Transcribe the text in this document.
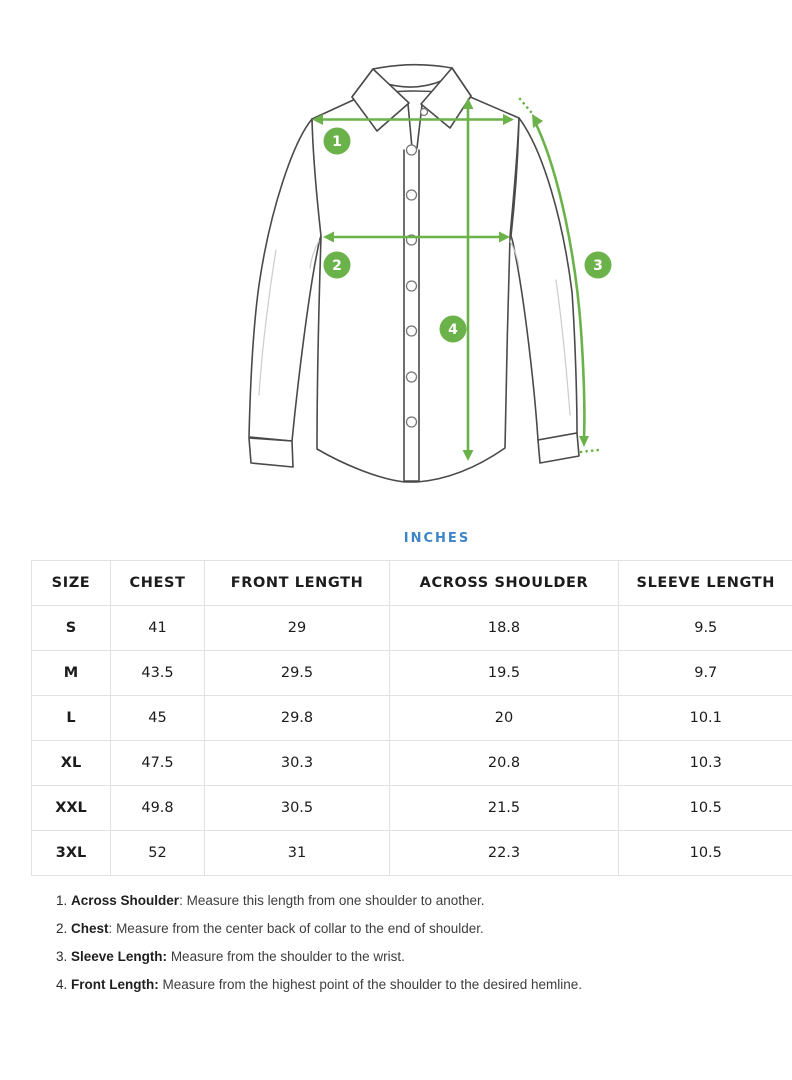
1
2	3
4
INCHES
SIZE	CHEST	FRONT LENGTH	ACROSS SHOULDER	SLEEVE LENGTH
S	41	29	18.8	9.5
M	43.5	29.5	19.5	9.7
L	45	29.8	20	10.1
XL	47.5	30.3	20.8	10.3
XXL	49.8	30.5	21.5	10.5
3XL	52	31	22.3	10.5

1. Across Shoulder: Measure this length from one shoulder to another.

2. Chest: Measure from the center back of collar to the end of shoulder.

3. Sleeve Length: Measure from the shoulder to the wrist.

4. Front Length: Measure from the highest point of the shoulder to the desired hemline.
